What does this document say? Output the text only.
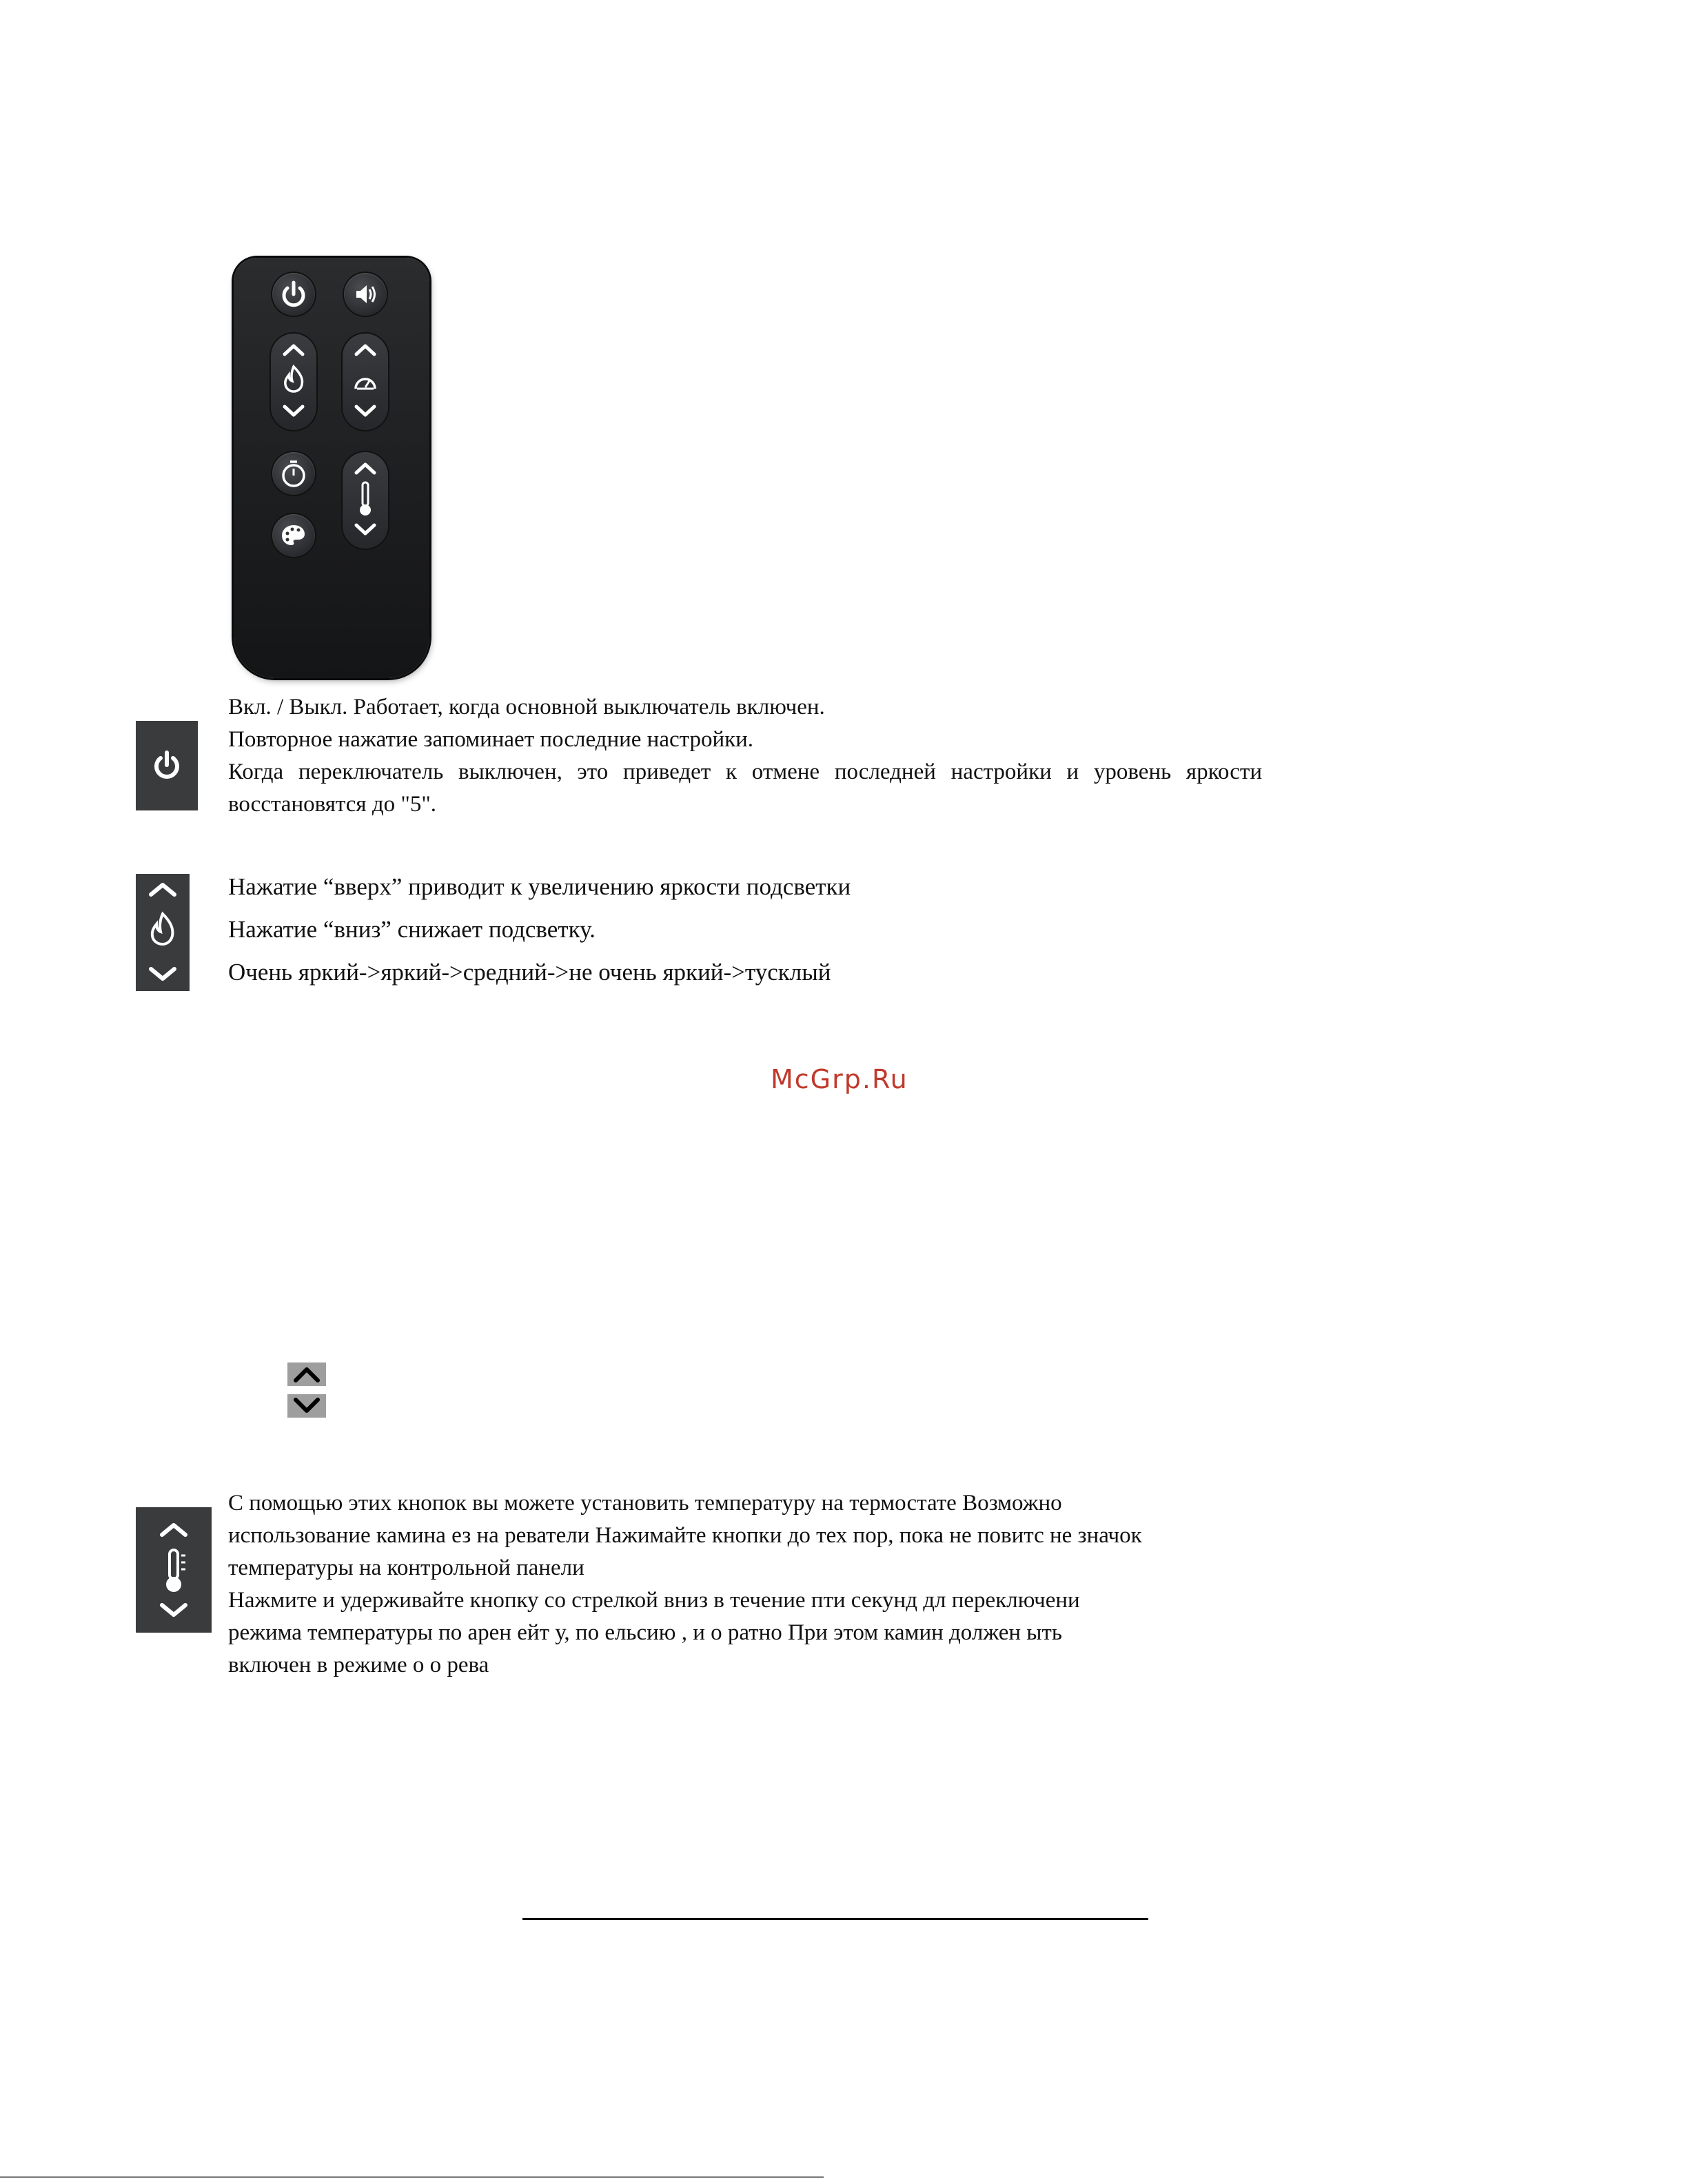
Вкл. / Выкл. Работает, когда основной выключатель включен.

Повторное нажатие запоминает последние настройки.

Когда переключатель выключен, это приведет к отмене последней настройки и уровень яркости

восстановятся до "5".

Нажатие “вверх” приводит к увеличению яркости подсветки

Нажатие “вниз” снижает подсветку.

Очень яркий->яркий->средний->не очень яркий->тусклый

McGrp.Ru

С помощью этих кнопок вы можете установить температуру на термостате Возможно

использование камина ез на реватели Нажимайте кнопки до тех пор, пока не повитс не значок

температуры на контрольной панели

Нажмите и удерживайте кнопку со стрелкой вниз в течение пти секунд дл переключени

режима температуры по арен ейт у, по ельсию , и о ратно При этом камин должен ыть

включен в режиме о о рева
